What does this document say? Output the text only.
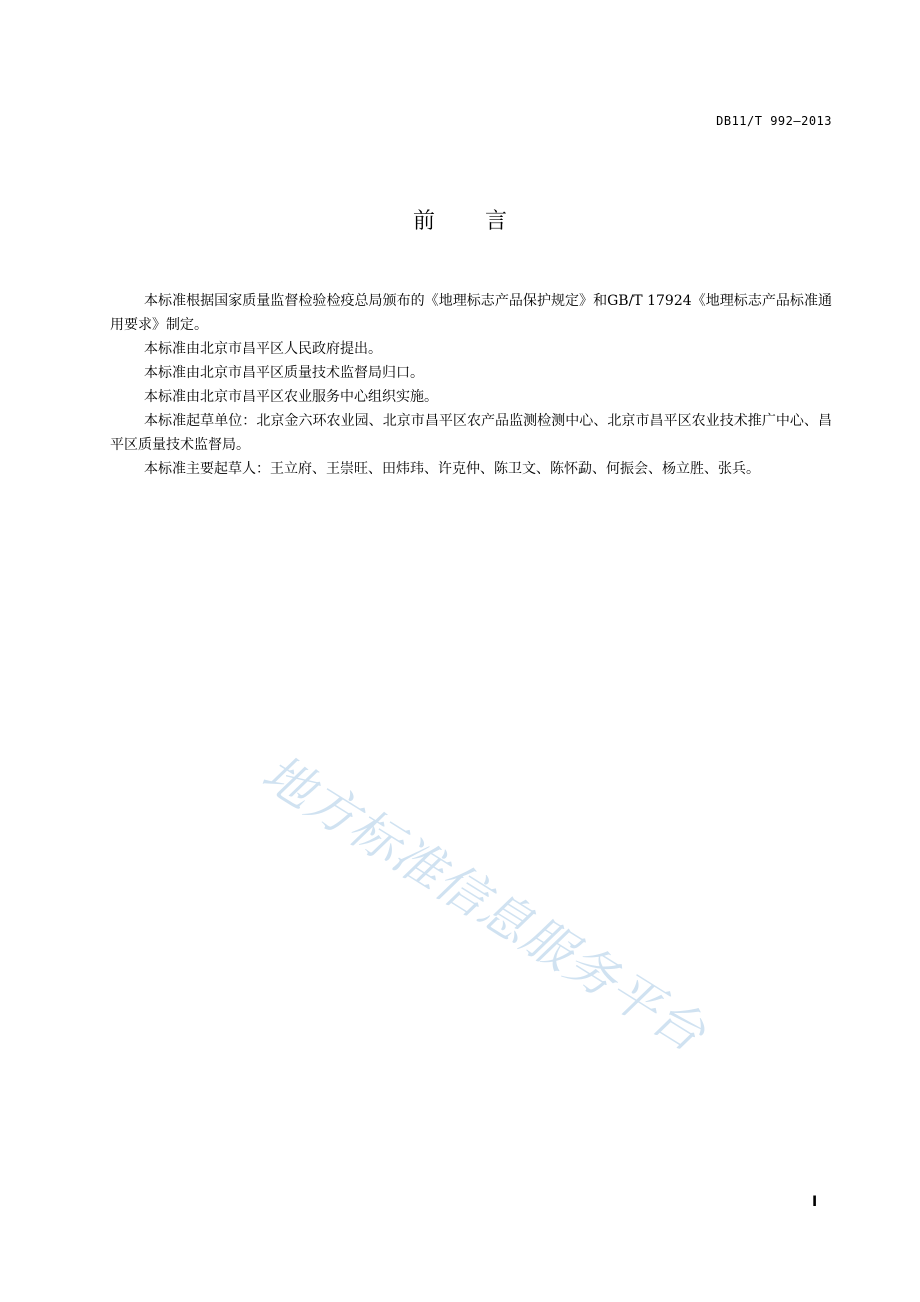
DB11/T 992—2013
前言

本标准根据国家质量监督检验检疫总局颁布的《地理标志产品保护规定》和GB/T 17924《地理标志产品标准通用要求》制定。

本标准由北京市昌平区人民政府提出。

本标准由北京市昌平区质量技术监督局归口。

本标准由北京市昌平区农业服务中心组织实施。

本标准起草单位：北京金六环农业园、北京市昌平区农产品监测检测中心、北京市昌平区农业技术推广中心、昌平区质量技术监督局。

本标准主要起草人：王立府、王崇旺、田炜玮、许克仲、陈卫文、陈怀勐、何振会、杨立胜、张兵。

地方标准信息服务平台
I
